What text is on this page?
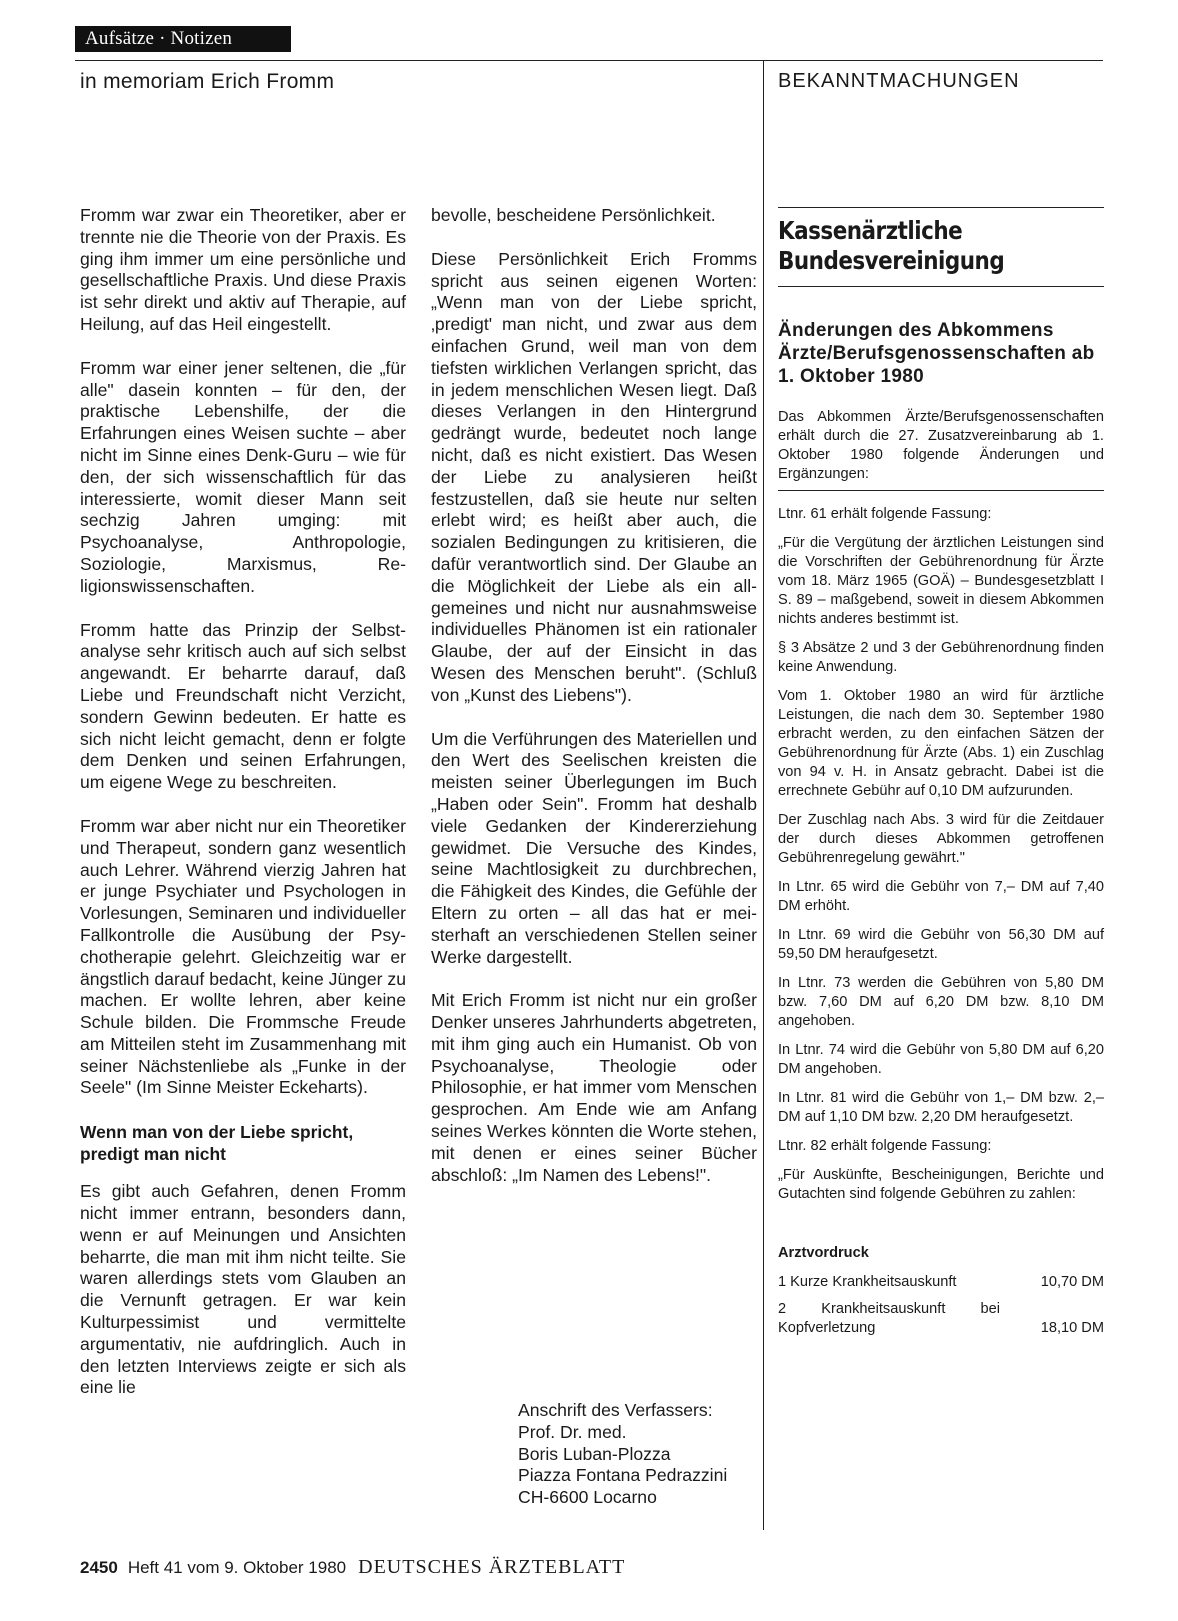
Aufsätze · Notizen
in memoriam Erich Fromm	BEKANNTMACHUNGEN

Fromm war zwar ein Theoretiker, aber er trennte nie die Theorie von der Praxis. Es ging ihm immer um eine persönliche und gesellschaftliche Praxis. Und diese Praxis ist sehr direkt und aktiv auf Therapie, auf Heilung, auf das Heil eingestellt.

Fromm war einer jener seltenen, die „für alle" dasein konnten – für den, der praktische Lebenshilfe, der die Erfahrungen eines Weisen suchte – aber nicht im Sinne eines Denk-Guru – wie für den, der sich wissenschaftlich für das interessierte, womit dieser Mann seit sechzig Jahren umging: mit Psychoanalyse, Anthropologie, Soziologie, Marxismus, Religionswissenschaften.

Fromm hatte das Prinzip der Selbstanalyse sehr kritisch auch auf sich selbst angewandt. Er beharrte darauf, daß Liebe und Freundschaft nicht Verzicht, sondern Gewinn bedeuten. Er hatte es sich nicht leicht gemacht, denn er folgte dem Denken und seinen Erfahrungen, um eigene Wege zu beschreiten.

Fromm war aber nicht nur ein Theoretiker und Therapeut, sondern ganz wesentlich auch Lehrer. Während vierzig Jahren hat er junge Psychiater und Psychologen in Vorlesungen, Seminaren und individueller Fallkontrolle die Ausübung der Psychotherapie gelehrt. Gleichzeitig war er ängstlich darauf bedacht, keine Jünger zu machen. Er wollte lehren, aber keine Schule bilden. Die Frommsche Freude am Mitteilen steht im Zusammenhang mit seiner Nächstenliebe als „Funke in der Seele" (Im Sinne Meister Eckeharts).

Wenn man von der Liebe spricht, predigt man nicht

Es gibt auch Gefahren, denen Fromm nicht immer entrann, besonders dann, wenn er auf Meinungen und Ansichten beharrte, die man mit ihm nicht teilte. Sie waren allerdings stets vom Glauben an die Vernunft getragen. Er war kein Kulturpessimist und vermittelte argumentativ, nie aufdringlich. Auch in den letzten Interviews zeigte er sich als eine lie

bevolle, bescheidene Persönlichkeit.

Diese Persönlichkeit Erich Fromms spricht aus seinen eigenen Worten: „Wenn man von der Liebe spricht, ‚predigt' man nicht, und zwar aus dem einfachen Grund, weil man von dem tiefsten wirklichen Verlangen spricht, das in jedem menschlichen Wesen liegt. Daß dieses Verlangen in den Hintergrund gedrängt wurde, bedeutet noch lange nicht, daß es nicht existiert. Das Wesen der Liebe zu analysieren heißt festzustellen, daß sie heute nur selten erlebt wird; es heißt aber auch, die sozialen Bedingungen zu kritisieren, die dafür verantwortlich sind. Der Glaube an die Möglichkeit der Liebe als ein allgemeines und nicht nur ausnahmsweise individuelles Phänomen ist ein rationaler Glaube, der auf der Einsicht in das Wesen des Menschen beruht". (Schluß von „Kunst des Liebens").

Um die Verführungen des Materiellen und den Wert des Seelischen kreisten die meisten seiner Überlegungen im Buch „Haben oder Sein". Fromm hat deshalb viele Gedanken der Kindererziehung gewidmet. Die Versuche des Kindes, seine Machtlosigkeit zu durchbrechen, die Fähigkeit des Kindes, die Gefühle der Eltern zu orten – all das hat er meisterhaft an verschiedenen Stellen seiner Werke dargestellt.

Mit Erich Fromm ist nicht nur ein großer Denker unseres Jahrhunderts abgetreten, mit ihm ging auch ein Humanist. Ob von Psychoanalyse, Theologie oder Philosophie, er hat immer vom Menschen gesprochen. Am Ende wie am Anfang seines Werkes könnten die Worte stehen, mit denen er eines seiner Bücher abschloß: „Im Namen des Lebens!".

Anschrift des Verfassers:
Prof. Dr. med.
Boris Luban-Plozza
Piazza Fontana Pedrazzini
CH-6600 Locarno
Kassenärztliche
Bundesvereinigung
Änderungen des Abkommens Ärzte/Berufsgenossenschaften ab 1. Oktober 1980

Das Abkommen Ärzte/Berufsgenossenschaften erhält durch die 27. Zusatzvereinbarung ab 1. Oktober 1980 folgende Änderungen und Ergänzungen:

Ltnr. 61 erhält folgende Fassung:

„Für die Vergütung der ärztlichen Leistungen sind die Vorschriften der Gebührenordnung für Ärzte vom 18. März 1965 (GOÄ) – Bundesgesetzblatt I S. 89 – maßgebend, soweit in diesem Abkommen nichts anderes bestimmt ist.

§ 3 Absätze 2 und 3 der Gebührenordnung finden keine Anwendung.

Vom 1. Oktober 1980 an wird für ärztliche Leistungen, die nach dem 30. September 1980 erbracht werden, zu den einfachen Sätzen der Gebührenordnung für Ärzte (Abs. 1) ein Zuschlag von 94 v. H. in Ansatz gebracht. Dabei ist die errechnete Gebühr auf 0,10 DM aufzurunden.

Der Zuschlag nach Abs. 3 wird für die Zeitdauer der durch dieses Abkommen getroffenen Gebührenregelung gewährt."

In Ltnr. 65 wird die Gebühr von 7,– DM auf 7,40 DM erhöht.

In Ltnr. 69 wird die Gebühr von 56,30 DM auf 59,50 DM heraufgesetzt.

In Ltnr. 73 werden die Gebühren von 5,80 DM bzw. 7,60 DM auf 6,20 DM bzw. 8,10 DM angehoben.

In Ltnr. 74 wird die Gebühr von 5,80 DM auf 6,20 DM angehoben.

In Ltnr. 81 wird die Gebühr von 1,– DM bzw. 2,– DM auf 1,10 DM bzw. 2,20 DM heraufgesetzt.

Ltnr. 82 erhält folgende Fassung:

„Für Auskünfte, Bescheinigungen, Berichte und Gutachten sind folgende Gebühren zu zahlen:

Arztvordruck
1 Kurze Krankheitsauskunft	10,70 DM
2 Krankheitsauskunft bei Kopfverletzung	18,10 DM
2450 Heft 41 vom 9. Oktober 1980 DEUTSCHES ÄRZTEBLATT
